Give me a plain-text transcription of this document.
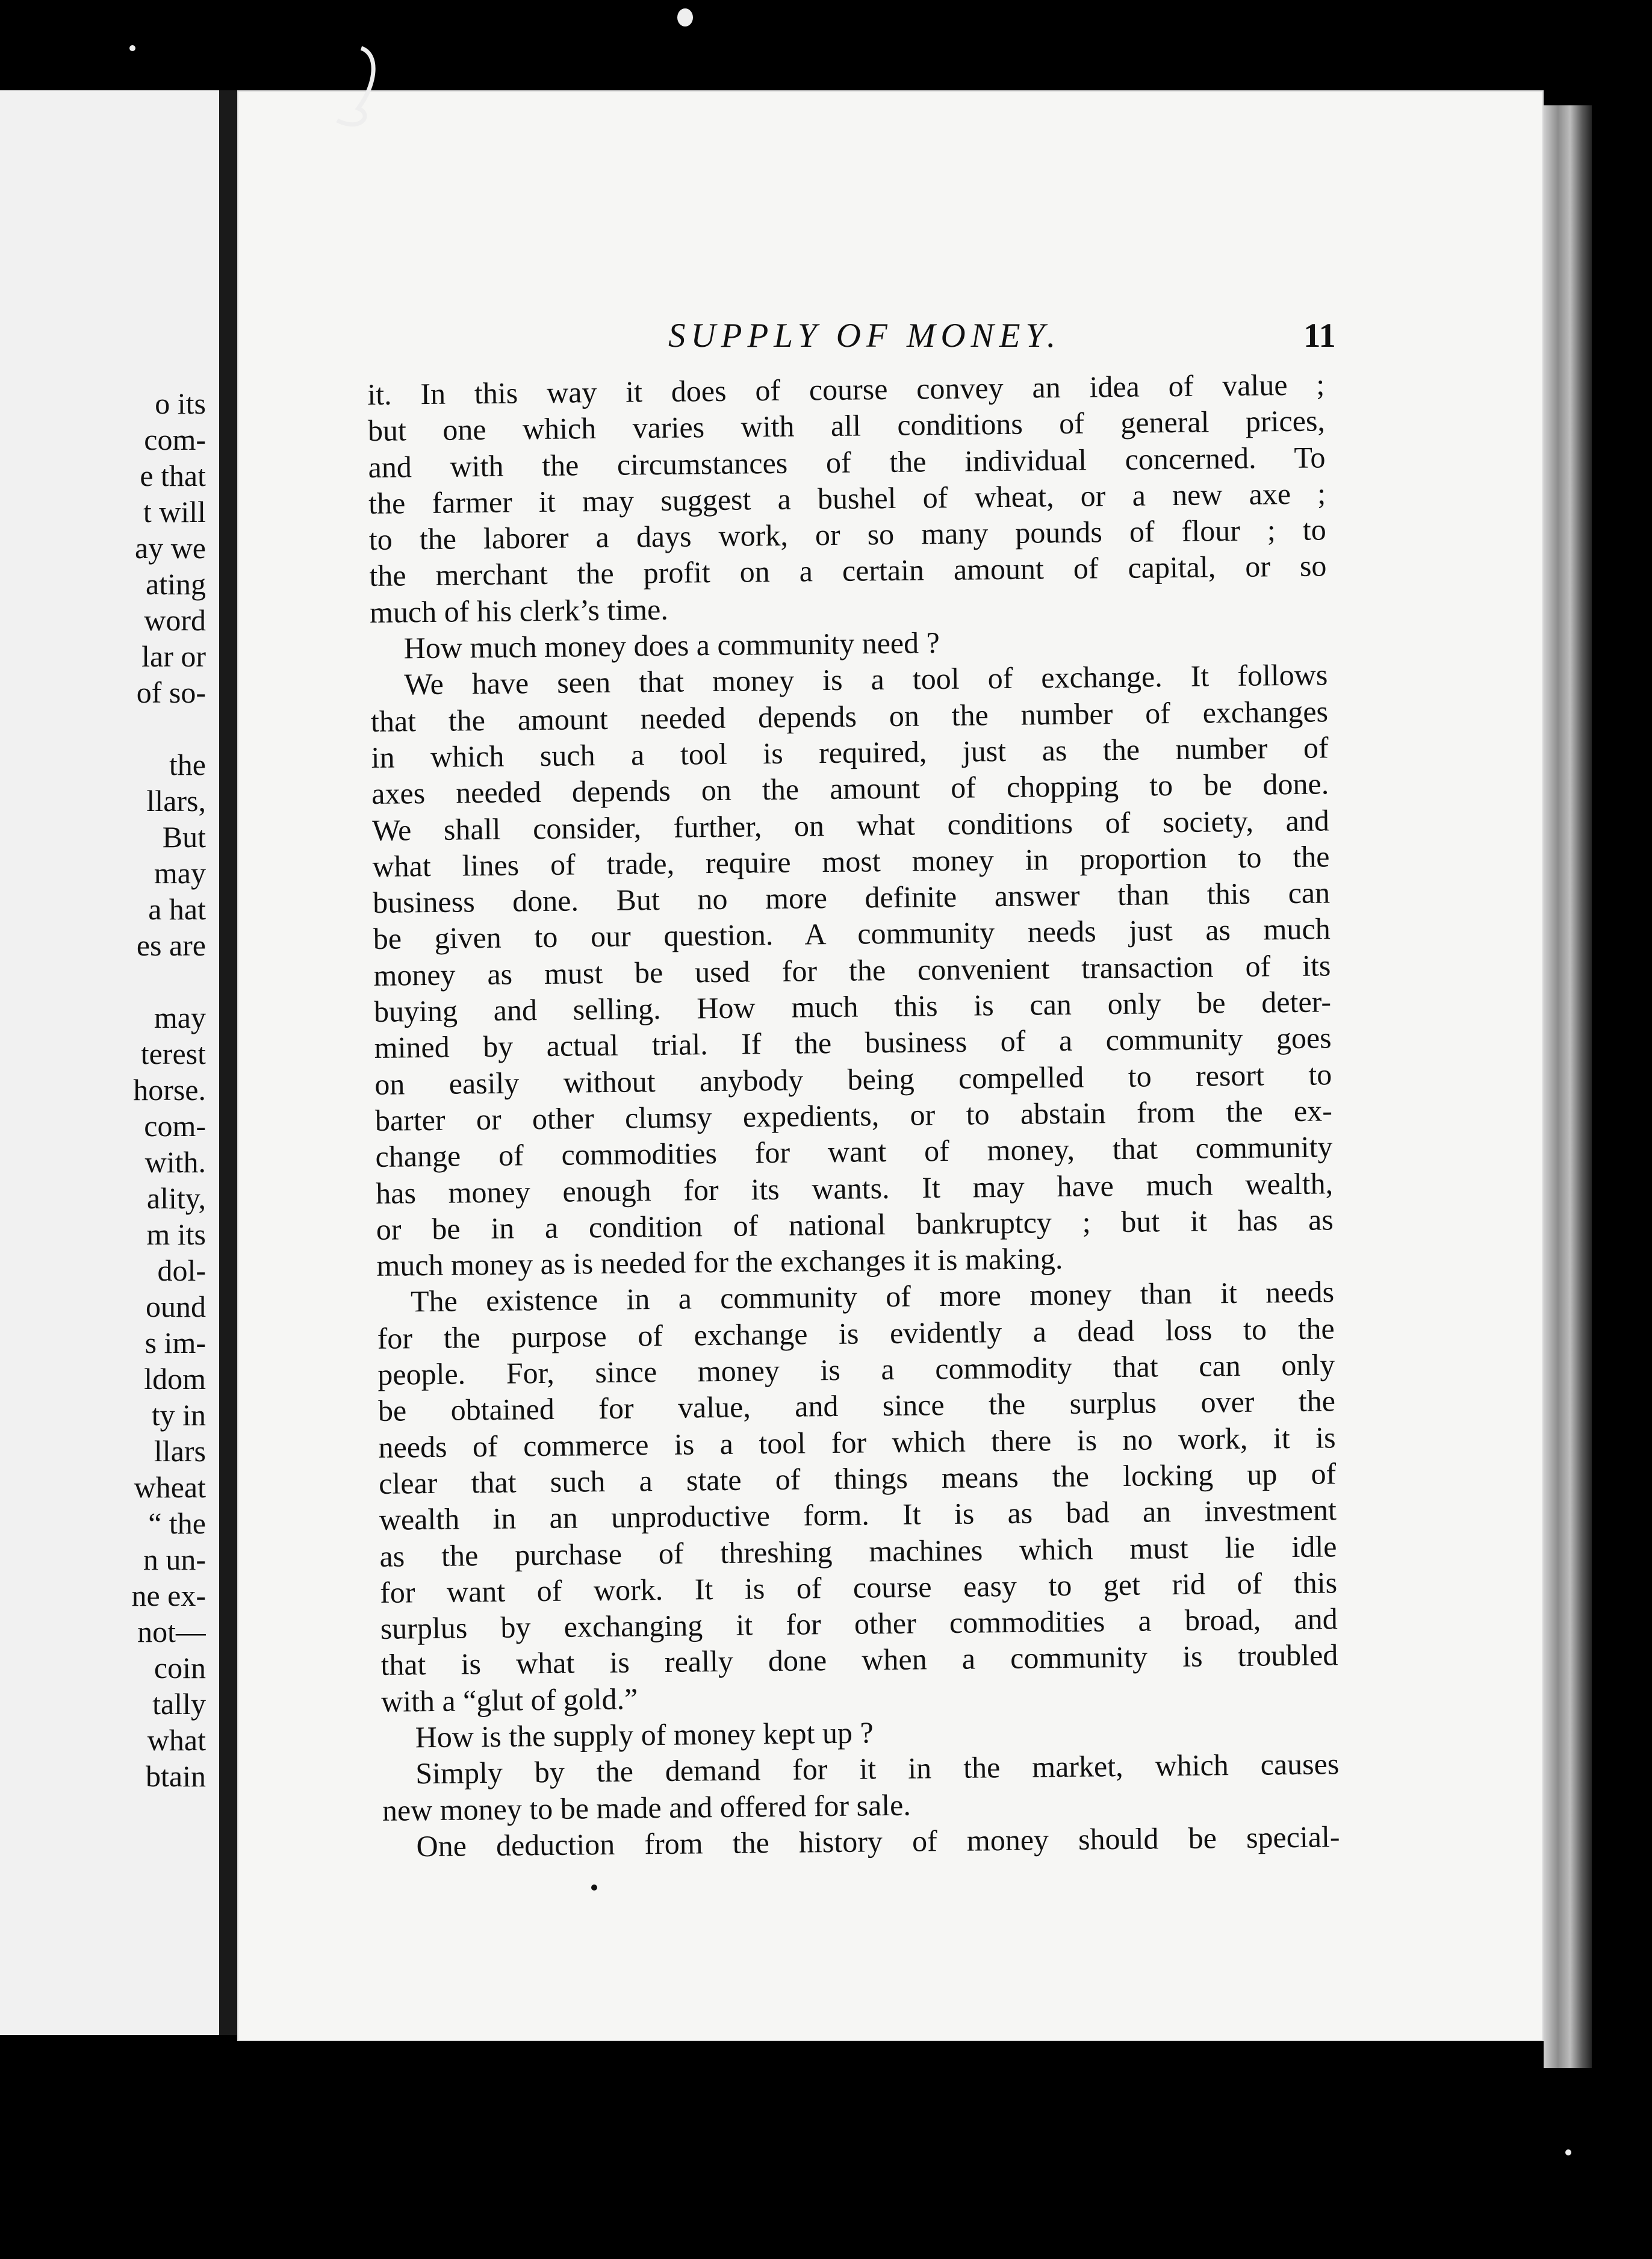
o its
com-
e that
t will
ay we
ating
word
lar or
of so-
the
llars,
But
may
a hat
es are
may
terest
horse.
com-
with.
ality,
m its
dol-
ound
s im-
ldom
ty in
llars
wheat
“ the
n un-
ne ex-
not—
coin
tally
what
btain
SUPPLY OF MONEY.	11
it. In this way it does of course convey an idea of value ;
but one which varies with all conditions of general prices,
and with the circumstances of the individual concerned. To
the farmer it may suggest a bushel of wheat, or a new axe ;
to the laborer a days work, or so many pounds of flour ; to
the merchant the profit on a certain amount of capital, or so
much of his clerk’s time.
How much money does a community need ?
We have seen that money is a tool of exchange. It follows
that the amount needed depends on the number of exchanges
in which such a tool is required, just as the number of
axes needed depends on the amount of chopping to be done.
We shall consider, further, on what conditions of society, and
what lines of trade, require most money in proportion to the
business done. But no more definite answer than this can
be given to our question. A community needs just as much
money as must be used for the convenient transaction of its
buying and selling. How much this is can only be deter-
mined by actual trial. If the business of a community goes
on easily without anybody being compelled to resort to
barter or other clumsy expedients, or to abstain from the ex-
change of commodities for want of money, that community
has money enough for its wants. It may have much wealth,
or be in a condition of national bankruptcy ; but it has as
much money as is needed for the exchanges it is making.
The existence in a community of more money than it needs
for the purpose of exchange is evidently a dead loss to the
people. For, since money is a commodity that can only
be obtained for value, and since the surplus over the
needs of commerce is a tool for which there is no work, it is
clear that such a state of things means the locking up of
wealth in an unproductive form. It is as bad an investment
as the purchase of threshing machines which must lie idle
for want of work. It is of course easy to get rid of this
surplus by exchanging it for other commodities a broad, and
that is what is really done when a community is troubled
with a “glut of gold.”
How is the supply of money kept up ?
Simply by the demand for it in the market, which causes
new money to be made and offered for sale.
One deduction from the history of money should be special-
